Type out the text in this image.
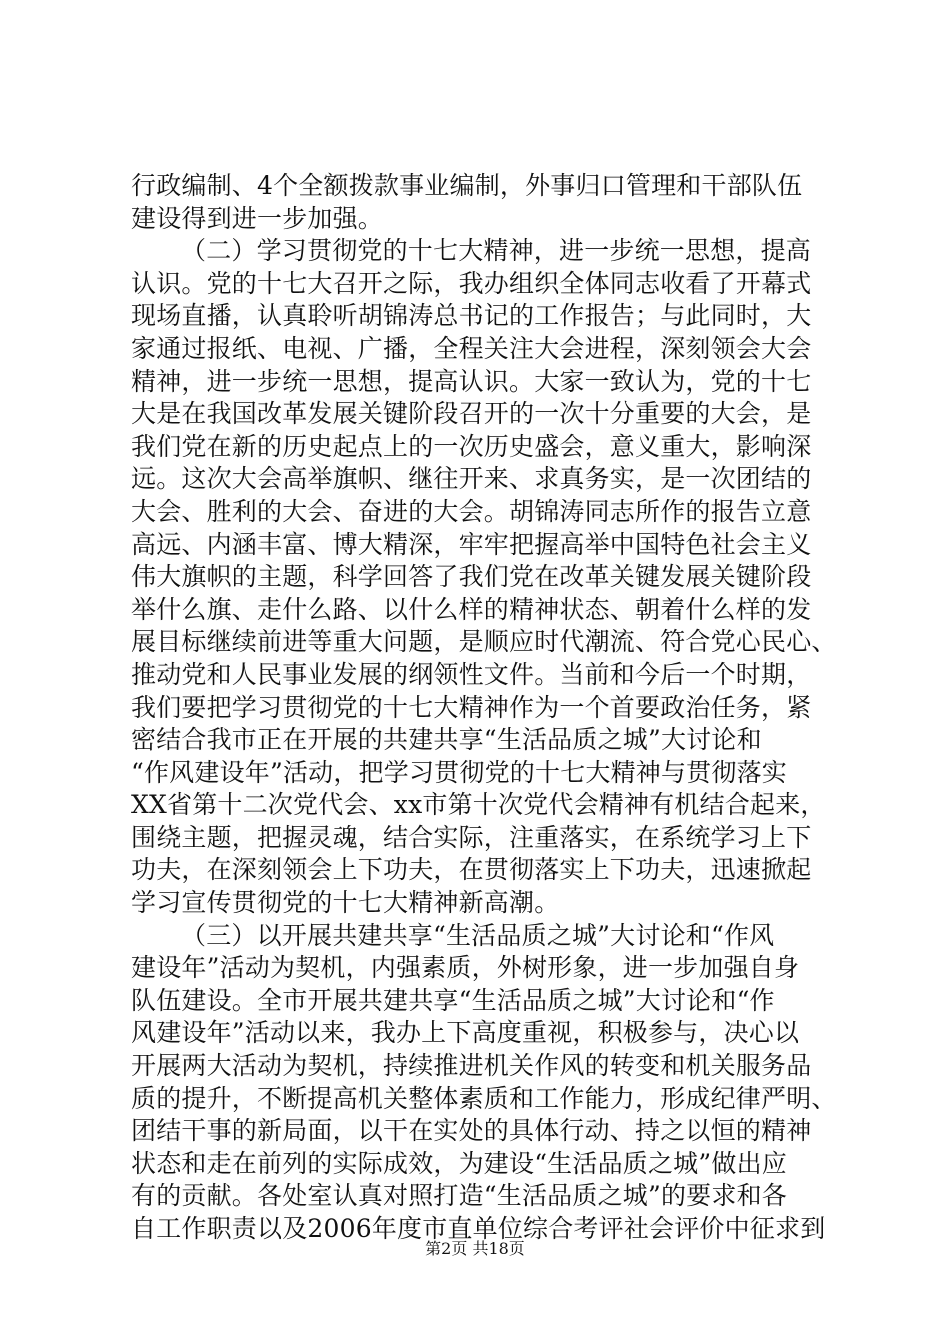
行政编制、4个全额拨款事业编制，外事归口管理和干部队伍
建设得到进一步加强。
（二）学习贯彻党的十七大精神，进一步统一思想，提高
认识。党的十七大召开之际，我办组织全体同志收看了开幕式
现场直播，认真聆听胡锦涛总书记的工作报告；与此同时，大
家通过报纸、电视、广播，全程关注大会进程，深刻领会大会
精神，进一步统一思想，提高认识。大家一致认为，党的十七
大是在我国改革发展关键阶段召开的一次十分重要的大会，是
我们党在新的历史起点上的一次历史盛会，意义重大，影响深
远。这次大会高举旗帜、继往开来、求真务实，是一次团结的
大会、胜利的大会、奋进的大会。胡锦涛同志所作的报告立意
高远、内涵丰富、博大精深，牢牢把握高举中国特色社会主义
伟大旗帜的主题，科学回答了我们党在改革关键发展关键阶段
举什么旗、走什么路、以什么样的精神状态、朝着什么样的发
展目标继续前进等重大问题，是顺应时代潮流、符合党心民心、
推动党和人民事业发展的纲领性文件。当前和今后一个时期，
我们要把学习贯彻党的十七大精神作为一个首要政治任务，紧
密结合我市正在开展的共建共享“生活品质之城”大讨论和
“作风建设年”活动，把学习贯彻党的十七大精神与贯彻落实
XX省第十二次党代会、xx市第十次党代会精神有机结合起来，
围绕主题，把握灵魂，结合实际，注重落实，在系统学习上下
功夫，在深刻领会上下功夫，在贯彻落实上下功夫，迅速掀起
学习宣传贯彻党的十七大精神新高潮。
（三）以开展共建共享“生活品质之城”大讨论和“作风
建设年”活动为契机，内强素质，外树形象，进一步加强自身
队伍建设。全市开展共建共享“生活品质之城”大讨论和“作
风建设年”活动以来，我办上下高度重视，积极参与，决心以
开展两大活动为契机，持续推进机关作风的转变和机关服务品
质的提升，不断提高机关整体素质和工作能力，形成纪律严明、
团结干事的新局面，以干在实处的具体行动、持之以恒的精神
状态和走在前列的实际成效，为建设“生活品质之城”做出应
有的贡献。各处室认真对照打造“生活品质之城”的要求和各
自工作职责以及2006年度市直单位综合考评社会评价中征求到
第2页 共18页
